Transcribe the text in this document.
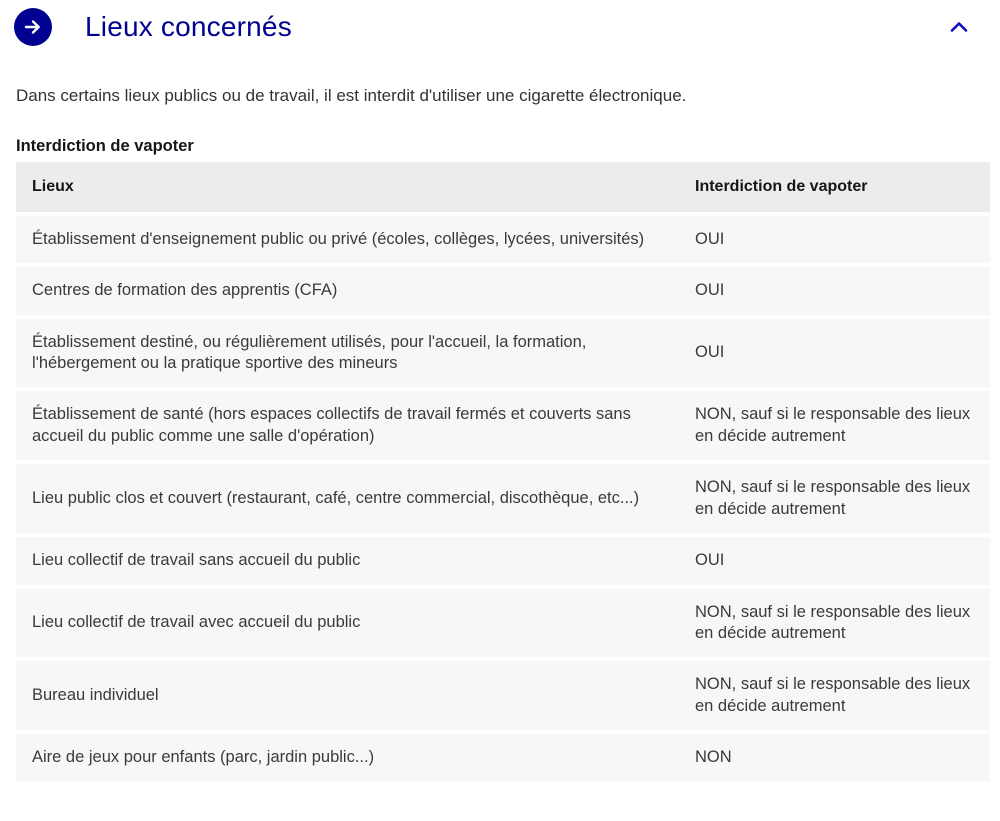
Lieux concernés

Dans certains lieux publics ou de travail, il est interdit d'utiliser une cigarette électronique.

Interdiction de vapoter
Lieux	Interdiction de vapoter
Établissement d'enseignement public ou privé (écoles, collèges, lycées, universités)	OUI
Centres de formation des apprentis (CFA)	OUI
Établissement destiné, ou régulièrement utilisés, pour l'accueil, la formation, l'hébergement ou la pratique sportive des mineurs	OUI
Établissement de santé (hors espaces collectifs de travail fermés et couverts sans accueil du public comme une salle d'opération)	NON, sauf si le responsable des lieux en décide autrement
Lieu public clos et couvert (restaurant, café, centre commercial, discothèque, etc...)	NON, sauf si le responsable des lieux en décide autrement
Lieu collectif de travail sans accueil du public	OUI
Lieu collectif de travail avec accueil du public	NON, sauf si le responsable des lieux en décide autrement
Bureau individuel	NON, sauf si le responsable des lieux en décide autrement
Aire de jeux pour enfants (parc, jardin public...)	NON
